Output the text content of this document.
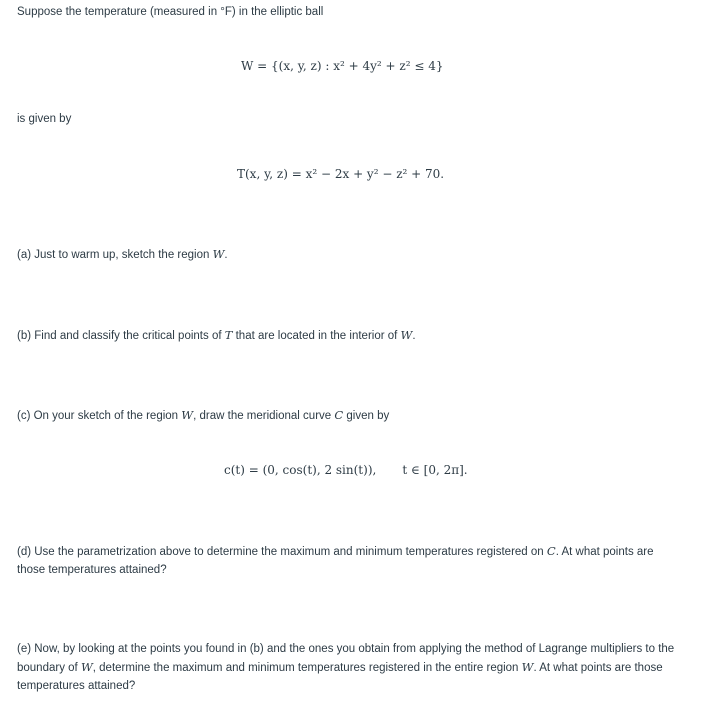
Suppose the temperature (measured in °F) in the elliptic ball
W = {(x, y, z) : x² + 4y² + z² ≤ 4}
is given by
T(x, y, z) = x² − 2x + y² − z² + 70.
(a) Just to warm up, sketch the region W.
(b) Find and classify the critical points of T that are located in the interior of W.
(c) On your sketch of the region W, draw the meridional curve C given by
c(t) = (0, cos(t), 2 sin(t)), t ∈ [0, 2π].
(d) Use the parametrization above to determine the maximum and minimum temperatures registered on C. At what points are those temperatures attained?
(e) Now, by looking at the points you found in (b) and the ones you obtain from applying the method of Lagrange multipliers to the boundary of W, determine the maximum and minimum temperatures registered in the entire region W. At what points are those temperatures attained?
